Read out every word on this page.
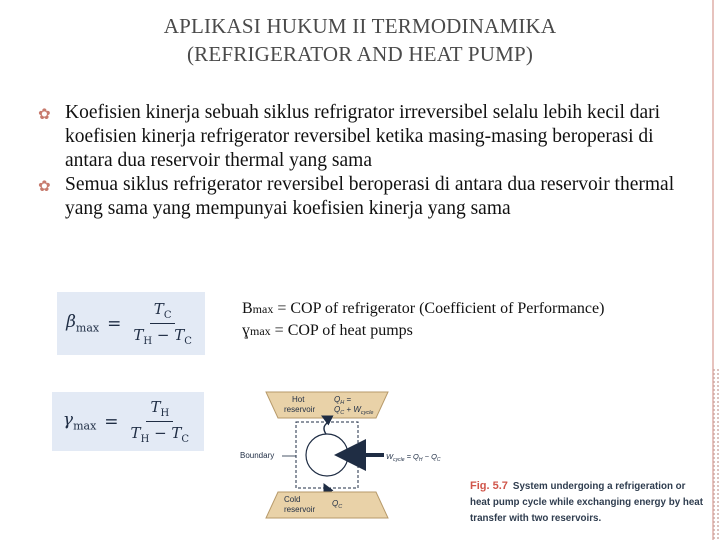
APLIKASI HUKUM II TERMODINAMIKA
(REFRIGERATOR AND HEAT PUMP)
✿ Koefisien kinerja sebuah siklus refrigrator irreversibel selalu lebih kecil dari koefisien kinerja refrigerator reversibel ketika masing-masing beroperasi di antara dua reservoir thermal yang sama
✿ Semua siklus refrigerator reversibel beroperasi di antara dua reservoir thermal yang sama yang mempunyai koefisien kinerja yang sama
$\beta_{max} = \frac{T_C}{T_H - T_C}$
$\gamma_{max} = \frac{T_H}{T_H - T_C}$
Bmax = COP of refrigerator (Coefficient of Performance)
ɣmax = COP of heat pumps
Hot
reservoir
$Q_H$ =
$Q_C + W_{cycle}$
Boundary	$W_{cycle} = Q_H - Q_C$
Cold
reservoir
$Q_C$
Fig. 5.7 System undergoing a refrigeration or heat pump cycle while exchanging energy by heat transfer with two reservoirs.
